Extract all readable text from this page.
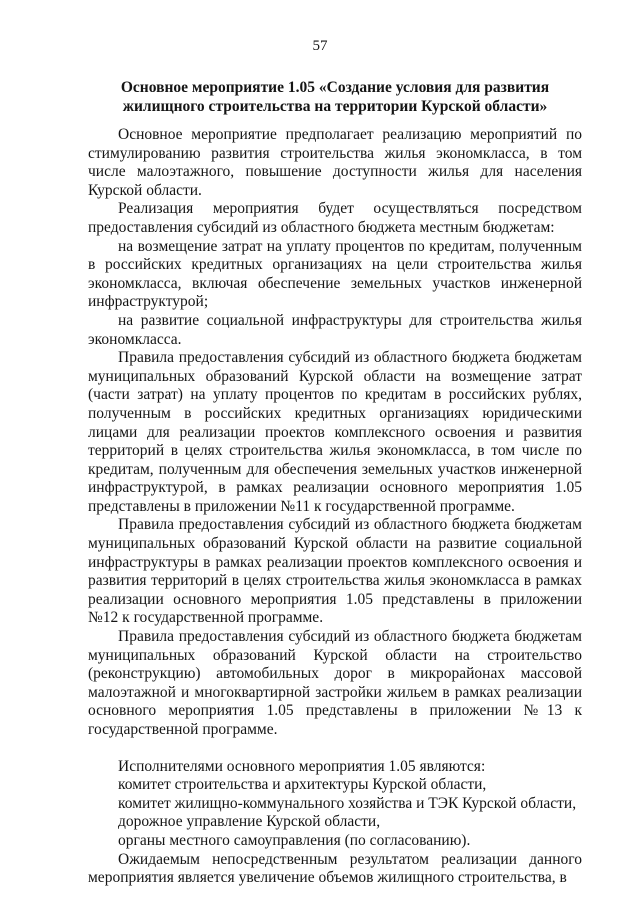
57
Основное мероприятие 1.05 «Создание условия для развития жилищного строительства на территории Курской области»

Основное мероприятие предполагает реализацию мероприятий по стимулированию развития строительства жилья экономкласса, в том числе малоэтажного, повышение доступности жилья для населения Курской области.

Реализация мероприятия будет осуществляться посредством предоставления субсидий из областного бюджета местным бюджетам:

на возмещение затрат на уплату процентов по кредитам, полученным в российских кредитных организациях на цели строительства жилья экономкласса, включая обеспечение земельных участков инженерной инфраструктурой;

на развитие социальной инфраструктуры для строительства жилья экономкласса.

Правила предоставления субсидий из областного бюджета бюджетам муниципальных образований Курской области на возмещение затрат (части затрат) на уплату процентов по кредитам в российских рублях, полученным в российских кредитных организациях юридическими лицами для реализации проектов комплексного освоения и развития территорий в целях строительства жилья экономкласса, в том числе по кредитам, полученным для обеспечения земельных участков инженерной инфраструктурой, в рамках реализации основного мероприятия 1.05 представлены в приложении №11 к государственной программе.

Правила предоставления субсидий из областного бюджета бюджетам муниципальных образований Курской области на развитие социальной инфраструктуры в рамках реализации проектов комплексного освоения и развития территорий в целях строительства жилья экономкласса в рамках реализации основного мероприятия 1.05 представлены в приложении №12 к государственной программе.

Правила предоставления субсидий из областного бюджета бюджетам муниципальных образований Курской области на строительство (реконструкцию) автомобильных дорог в микрорайонах массовой малоэтажной и многоквартирной застройки жильем в рамках реализации основного мероприятия 1.05 представлены в приложении №13 к государственной программе.

Исполнителями основного мероприятия 1.05 являются:

комитет строительства и архитектуры Курской области,

комитет жилищно-коммунального хозяйства и ТЭК Курской области,

дорожное управление Курской области,

органы местного самоуправления (по согласованию).

Ожидаемым непосредственным результатом реализации данного мероприятия является увеличение объемов жилищного строительства, в
